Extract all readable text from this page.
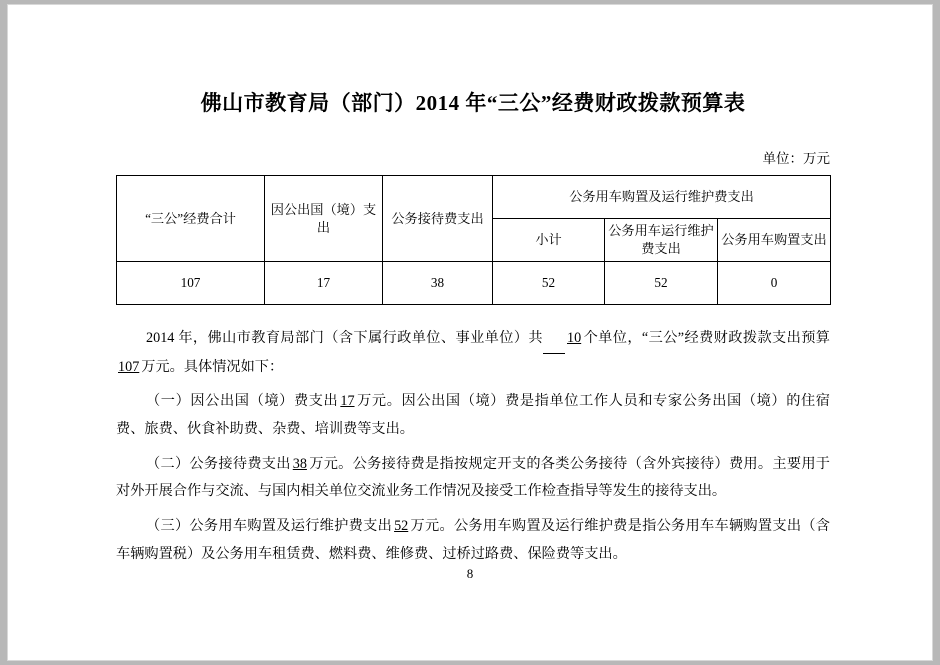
佛山市教育局（部门）2014 年“三公”经费财政拨款预算表
单位：万元
“三公”经费合计	因公出国（境）支出	公务接待费支出	公务用车购置及运行维护费支出		
			小计	公务用车运行维护费支出	公务用车购置支出
107	17	38	52	52	0
2014 年，佛山市教育局部门（含下属行政单位、事业单位）共 10 个单位，“三公”经费财政拨款支出预算107 万元。具体情况如下：
（一）因公出国（境）费支出 17 万元。因公出国（境）费是指单位工作人员和专家公务出国（境）的住宿费、旅费、伙食补助费、杂费、培训费等支出。
（二）公务接待费支出 38 万元。公务接待费是指按规定开支的各类公务接待（含外宾接待）费用。主要用于对外开展合作与交流、与国内相关单位交流业务工作情况及接受工作检查指导等发生的接待支出。
（三）公务用车购置及运行维护费支出 52 万元。公务用车购置及运行维护费是指公务用车车辆购置支出（含车辆购置税）及公务用车租赁费、燃料费、维修费、过桥过路费、保险费等支出。
8
